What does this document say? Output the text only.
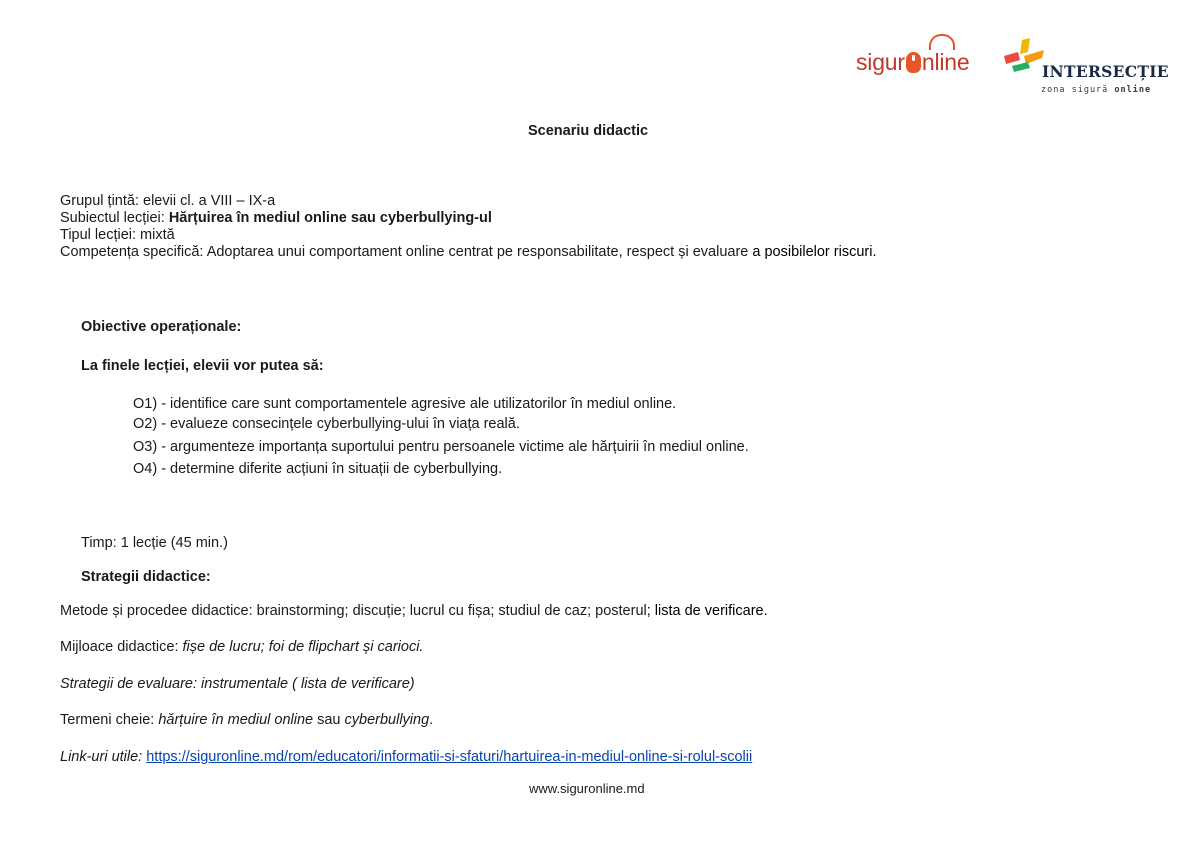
sigur nline	INTERSECȚIE
zona sigură online
Scenariu didactic
Grupul țintă: elevii cl. a VIII – IX-a
Subiectul lecției: Hărțuirea în mediul online sau cyberbullying-ul
Tipul lecției: mixtă
Competența specifică: Adoptarea unui comportament online centrat pe responsabilitate, respect și evaluare a posibilelor riscuri.
Obiective operaționale:
La finele lecției, elevii vor putea să:
O1) - identifice care sunt comportamentele agresive ale utilizatorilor în mediul online.
O2) - evalueze consecințele cyberbullying-ului în viața reală.
O3) - argumenteze importanța suportului pentru persoanele victime ale hărțuirii în mediul online.
O4) - determine diferite acțiuni în situații de cyberbullying.
Timp: 1 lecție (45 min.)
Strategii didactice:
Metode și procedee didactice: brainstorming; discuție; lucrul cu fișa; studiul de caz; posterul; lista de verificare.
Mijloace didactice: fișe de lucru; foi de flipchart și carioci.
Strategii de evaluare: instrumentale ( lista de verificare)
Termeni cheie: hărțuire în mediul online sau cyberbullying.
Link-uri utile: https://siguronline.md/rom/educatori/informatii-si-sfaturi/hartuirea-in-mediul-online-si-rolul-scolii
www.siguronline.md
